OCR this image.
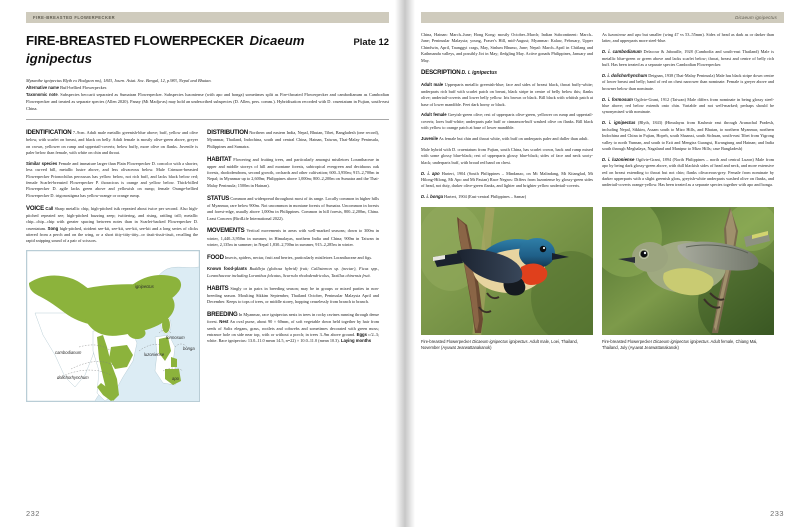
FIRE-BREASTED FLOWERPECKER
FIRE-BREASTED FLOWERPECKER Dicaeum ignipectus
Plate 12

Myzanthe ignipectus Blyth ex Hodgson ms), 1843, Journ. Asiat. Soc. Bengal, 12, p.983, Nepal and Bhutan.

Alternative name Buff-bellied Flowerpecker.

Taxonomic note. Subspecies beccarii separated as Sumatran Flowerpecker. Subspecies luzoniense (with apo and bonga) sometimes split as Fire-throated Flowerpecker and cambodianum as Cambodian Flowerpecker and treated as separate species (Allen 2020). Panay (Mt Madja-as) may hold an undescribed subspecies (D. Allen, pers. comm.). Hybridisation recorded with D. cruentatum in Fujian, south-east China.

IDENTIFICATION 7–9cm. Adult male metallic greenish-blue above; buff, yellow and olive below, with scarlet on breast, and black on belly. Adult female is mostly olive-green above, greyer on crown, yellower on rump and uppertail-coverts; below buffy, more olive on flanks. Juvenile is paler below than female, with white on chin and throat.

Similar species Female and immature larger than Plain Flowerpecker D. concolor with a shorter, less curved bill, metallic lustre above, and less olivaceous below. Male Crimson-breasted Flowerpecker Prionochilus percussus has yellow below, not rich buff, and lacks black below red; female Scarlet-breasted Flowerpecker P. thoracicus is orange and yellow below. Thick-billed Flowerpecker D. agile lacks green above and yellowish on rump; female Orange-bellied Flowerpecker D. trigonostigma has yellow-orange or orange rump.

VOICE Call Sharp metallic chip, high-pitched tsik repeated about twice per second. Also high-pitched repeated see; high-pitched buzzing zeep; twittering, and rising, rattling trill; metallic chip...chip...chip with greater spacing between notes than in Scarlet-backed Flowerpecker D. cruentatum. Song high-pitched, strident see-kit, see-kit, see-kit, see-kit and a long series of clicks uttered from a perch and on the wing, or a short titty-titty-titty...or tissit-tissit-tissit, recalling the rapid snipping sound of a pair of scissors.

ignipectus
formosum
bonga
luzoniense
cambodianum
dolichorhynchum	apo

DISTRIBUTION Northern and eastern India, Nepal, Bhutan, Tibet, Bangladesh (one record), Myanmar, Thailand, Indochina, south and central China, Hainan, Taiwan, Thai-Malay Peninsula, Philippines and Sumatra.

HABITAT Flowering and fruiting trees, and particularly amongst mistletoes Loranthaceae in upper and middle storeys of hill and montane forests, subtropical evergreen and deciduous oak forests, rhododendrons, second growth, orchards and other cultivation; 600–3,950m; 915–2,700m in Nepal; in Myanmar up to 2,600m; Philippines above 1,000m; 800–2,200m on Sumatra and the Thai-Malay Peninsula; 1500m in Hainan).

STATUS Common and widespread throughout most of its range. Locally common in higher hills of Myanmar, rare below 900m. Not uncommon in montane forests of Sumatra. Uncommon in forests and forest-edge, usually above 1,000m in Philippines. Common in hill forests, 800–2,200m, China. Least Concern (BirdLife International 2022).

MOVEMENTS Vertical movements in areas with well-marked seasons; down to 300m in winter, 1,440–3,950m in summer, in Himalayas, northern India and China; 900m in Taiwan in winter, 2,135m in summer; in Nepal 1,830–2,700m in summer, 915–2,285m in winter.

FOOD Insects, spiders, nectar, fruit and berries, particularly mistletoes Loranthaceae and figs.

Known food-plants Buddleja (globosa hybrid) fruit; Callistemon sp. (nectar), Ficus spp., Loranthaceae including Loranthus falcatus, Scurrula rhododendricolus, Taxillus chinensis fruit.

HABITS Singly or in pairs in breeding season; may be in groups or mixed parties in non-breeding season. Moulting Sikkim September, Thailand October, Peninsular Malaysia April and December. Keeps to tops of trees, or middle storey, hopping ceaselessly from branch to branch.

BREEDING In Myanmar, race ignipectus nests in trees in rocky ravines running through dense forest. Nest An oval purse, about 90 × 60mm, of soft vegetable down held together by hair from seeds of Salix elegans, grass, rootlets and cobwebs and sometimes decorated with green moss; entrance hole on side near top, with or without a porch; in trees 3–9m above ground. Eggs c/2–3; white. Race ignipectus: 13.0–11.0 mean 14.5, n=22) × 10.0–11.0 (mean 10.3). Laying months

232
Dicaeum ignipectus

China, Hainan: March–June; Hong Kong: mostly October–March; Indian Subcontinent: March–June; Peninsular Malaysia; young, Fraser's Hill, mid-August; Myanmar: Kalaw, February, Upper Chindwin, April, Taunggyi crags, May, Sinlum Bhumo, June; Nepal: March–April in Chitlang and Kathmandu valleys, and possibly Jiri in May; fledgling May. Active gonads Philippines, January and May.

DESCRIPTION D. i. ignipectus

Adult male Upperparts metallic greenish-blue; face and sides of breast black, throat buffy-white; underparts rich buff with scarlet patch on breast, black stripe in centre of belly below this; flanks olive; undertail-coverts and lower belly yellow. Iris brown or black. Bill black with whitish patch at base of lower mandible. Feet dark horny or black.

Adult female Greyish-green olive; rest of upperparts olive-green, yellower on rump and uppertail-coverts; lores buff-white; underparts pale buff or cinnamon-buff washed olive on flanks. Bill black with yellow to orange patch at base of lower mandible.

Juvenile As female but chin and throat white, with buff on underparts paler and duller than adult.

Male hybrid with D. cruentatum from Fujian, south China, has scarlet crown, back and rump mixed with some glossy blue-black; rest of upperparts glossy blue-black; sides of face and neck sooty-black; underparts buff, with broad red band on chest.

D. i. apo Hartert, 1904 (South Philippines – Mindanao, on Mt Malindang, Mt Kitanglad, Mt Hilong-Hilong, Mt Apo and Mt Pasian) Race Negros: Differs from luzoniense by glossy-green sides of head, not duty, darker olive-green flanks, and lighter and brighter yellow undertail-coverts.

D. i. bonga Hartert, 1904 (East-central Philippines – Samar)

As luzoniense and apo but smaller (wing 47 vs 53–55mm). Sides of head as dark as or darker than latter, and upperparts more steel-blue.

D. i. cambodianum Delacour & Jabouille, 1928 (Cambodia and south-east Thailand) Male is metallic blue-green or green above and lacks scarlet below; throat, breast and centre of belly rich buff. Has been treated as a separate species Cambodian Flowerpecker.

D. i. dolichorhynchum Deignan, 1938 (Thai-Malay Peninsula) Male has black stripe down centre of lower breast and belly; band of red on chest narrower than nominate. Female is greyer above and browner below than nominate.

D. i. formosum Ogilvie-Grant, 1912 (Taiwan) Male differs from nominate in being glossy steel-blue above; red below extends onto chin. Variable and not well-marked; perhaps should be synonymised with nominate.

D. i. ignipectus (Blyth, 1843) (Himalayas from Kashmir east through Arunachal Pradesh, including Nepal, Sikkim, Assam south to Mizo Hills, and Bhutan, to northern Myanmar, northern Indochina and China in Fujian, Hopeh, south Shaanxi, south Sichuan, south-east Tibet from Yigrong valley to north Yunnan, and south to Ezit and Mengtsz Guangxi, Kwangtung and Hainan; and India south through Meghalaya, Nagaland and Manipur to Mizo Hills; case Bangladesh)

D. i. luzoniense Ogilvie-Grant, 1894 (North Philippines – north and central Luzon) Male from apo by being dark glossy-green above, with dull blackish sides of head and neck, and more extensive red on breast extending to throat but not chin; flanks olivaceous-grey. Female from nominate by darker upperparts with a slight greenish gloss, greyish-white underparts washed olive on flanks, and undertail-coverts orange-yellow. Has been treated as a separate species together with apo and bonga.

Fire-breasted Flowerpecker Dicaeum ignipectus ignipectus. Adult male, Loei, Thailand, November (Ayuwat Jearwattanakanok)
Fire-breasted Flowerpecker Dicaeum ignipectus ignipectus. Adult female, Chiang Mai, Thailand, July (Ayuwat Jearwattanakanok)
233
